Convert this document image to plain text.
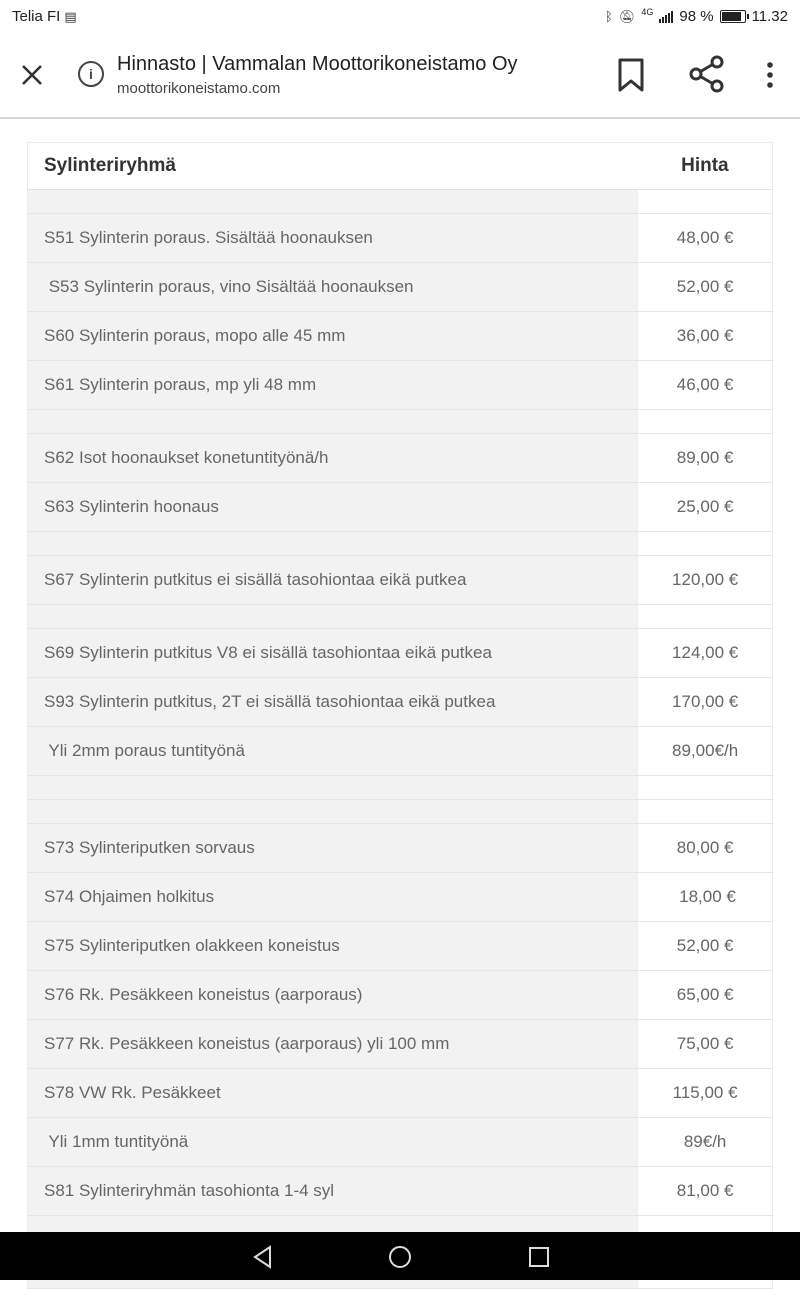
Telia FI ▤	ᛒ 🔕︎ 4G 98 %	11.32
i	Hinnasto | Vammalan Moottorikoneistamo Oy
moottorikoneistamo.com
Sylinteriryhmä	Hinta

S51 Sylinterin poraus. Sisältää hoonauksen	48,00 €
S53 Sylinterin poraus, vino Sisältää hoonauksen	52,00 €
S60 Sylinterin poraus, mopo alle 45 mm	36,00 €
S61 Sylinterin poraus, mp yli 48 mm	46,00 €

S62 Isot hoonaukset konetuntityönä/h	89,00 €
S63 Sylinterin hoonaus	25,00 €

S67 Sylinterin putkitus ei sisällä tasohiontaa eikä putkea	120,00 €

S69 Sylinterin putkitus V8 ei sisällä tasohiontaa eikä putkea	124,00 €
S93 Sylinterin putkitus, 2T ei sisällä tasohiontaa eikä putkea	170,00 €
Yli 2mm poraus tuntityönä	89,00€/h

S73 Sylinteriputken sorvaus	80,00 €
S74 Ohjaimen holkitus	18,00 €
S75 Sylinteriputken olakkeen koneistus	52,00 €
S76 Rk. Pesäkkeen koneistus (aarporaus)	65,00 €
S77 Rk. Pesäkkeen koneistus (aarporaus) yli 100 mm	75,00 €
S78 VW Rk. Pesäkkeet	115,00 €
Yli 1mm tuntityönä	89€/h
S81 Sylinteriryhmän tasohionta 1-4 syl	81,00 €
